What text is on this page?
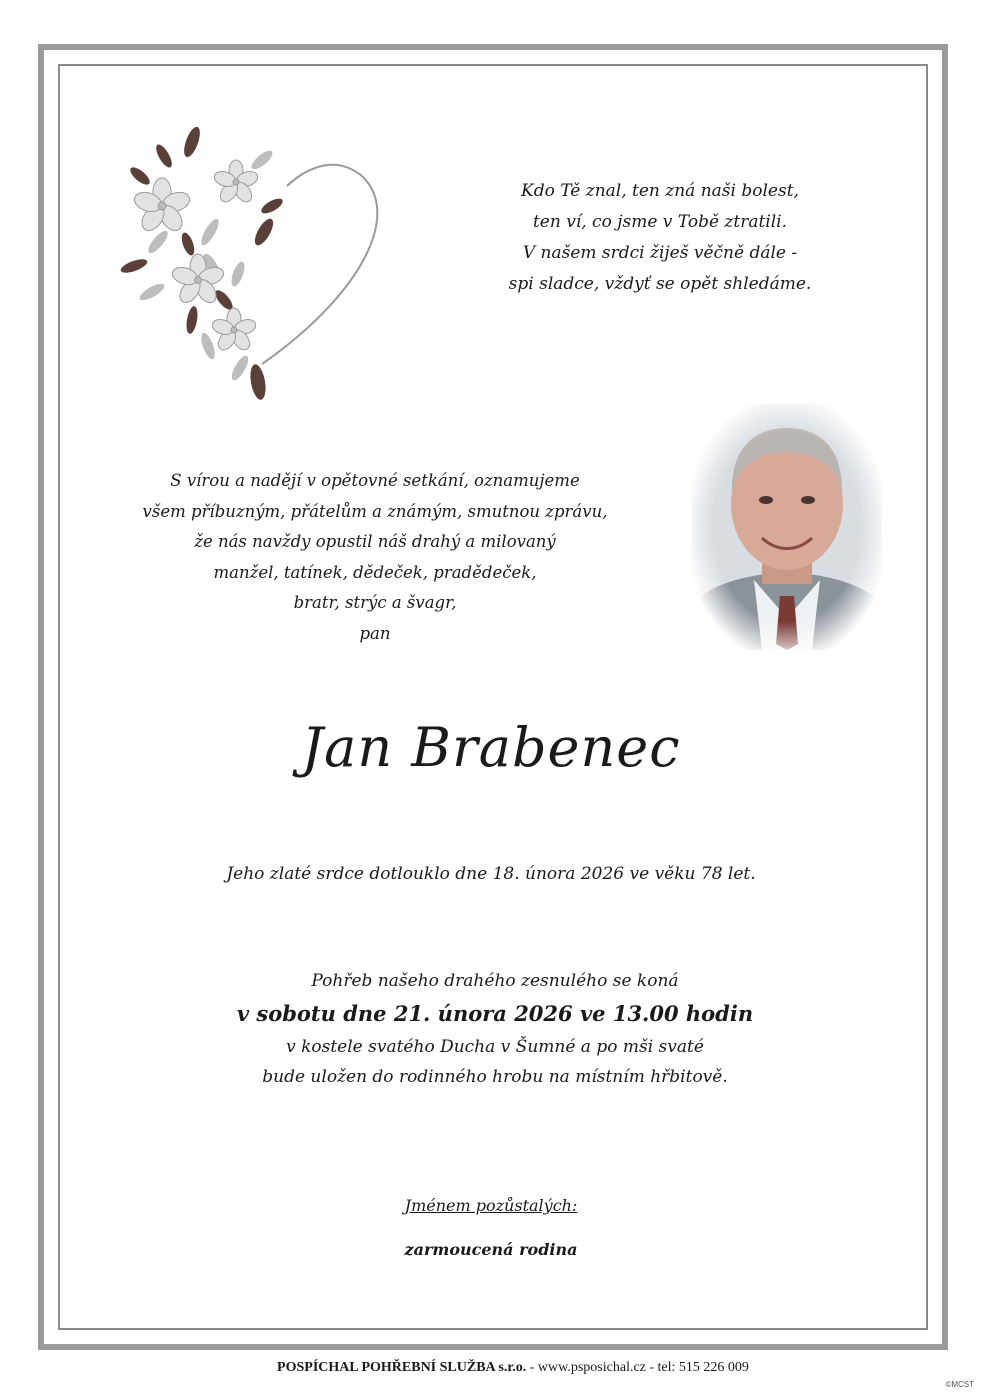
Kdo Tě znal, ten zná naši bolest,
ten ví, co jsme v Tobě ztratili.
V našem srdci žiješ věčně dále -
spi sladce, vždyť se opět shledáme.
S vírou a nadějí v opětovné setkání, oznamujeme
všem příbuzným, přátelům a známým, smutnou zprávu,
že nás navždy opustil náš drahý a milovaný
manžel, tatínek, dědeček, pradědeček,
bratr, strýc a švagr,
pan
Jan Brabenec
Jeho zlaté srdce dotlouklo dne 18. února 2026 ve věku 78 let.
Pohřeb našeho drahého zesnulého se koná
v sobotu dne 21. února 2026 ve 13.00 hodin
v kostele svatého Ducha v Šumné a po mši svaté
bude uložen do rodinného hrobu na místním hřbitově.
Jménem pozůstalých:
zarmoucená rodina
POSPÍCHAL POHŘEBNÍ SLUŽBA s.r.o. - www.psposichal.cz - tel: 515 226 009
©MCST
